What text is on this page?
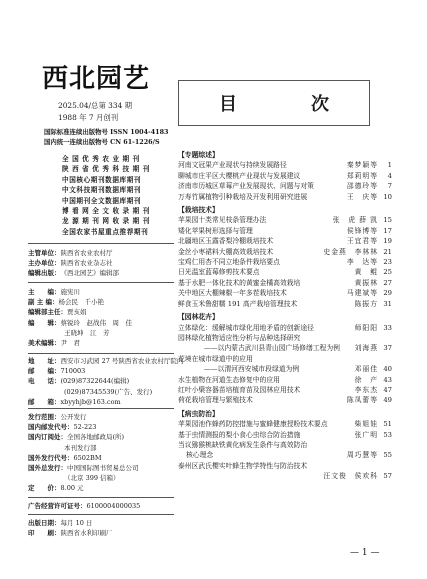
西北园艺
2025.04/总第 334 期
1988 年 7 月创刊
国际标准连续出版物号 ISSN 1004-4183
国内统一连续出版物号 CN 61-1226/S
全 国 优 秀 农 业 期 刊
陕 西 省 优 秀 科 技 期 刊
中国核心期刊数据库期刊
中文科技期刊数据库期刊
中国期刊全文数据库期刊
博 看 网 全 文 收 录 期 刊
龙 源 期 刊 网 收 录 期 刊
全国农家书屋重点推荐期刊
主管单位： 陕西省农业农村厅
主办单位： 陕西省农业杂志社
编辑出版： 《西北园艺》编辑部
主　　编： 施宪川
副 主 编： 杨会民　千小艳
编辑部主任： 贾亥娟
编　　辑： 蔡锐玲　赵战伟　周　佳
王晓坤　江　芳
美术编辑： 尹　君
地　　址： 西安市习武园 27 号陕西省农业农村厅院内
邮　　编： 710003
电　　话： (029)87322644(编辑)
(029)87345539(广告、发行)
邮　　箱： xbyyhjb@163.com
发行范围： 公开发行
国内邮发代号： 52-223
国内订阅处： 全国各地邮政局(所)
本刊发行部
国外发行代号： 6502BM
国外总发行： 中国国际图书贸易总公司
（北京 399 信箱）
定　　价： 8.00 元
广告经营许可证号： 6100004000035
出版日期： 每月 10 日
印　　刷： 陕西省水利印刷厂
目　次
【专题综述】
河南文冠果产业现状与持续发展路径	秦梦颖等	1
聊城市庄平区大樱桃产业现状与发展建议	郑莉明等	4
济南市历城区草莓产业发展现状、问题与对策	邵德玲等	7
万寿竹属植物引种栽培及开发利用研究进展	王　庆等 10
【栽培技术】
苹果园十类常见枝条管理办法	张　虎 薛 凯 15
矮化苹果树形选择与管理	侯锋博等 17
北疆地区玉露香梨冷棚栽培技术	王宜君等 19
金丝小枣裙料大棚高效栽培技术	史金燕　李林林 21
宝鸡仁用杏不同立地条件栽培要点	李　达等 23
日光温室蓝莓修剪技术要点	黄　鲲 25
基于水肥一体化技术的黄蜜金橘高效栽培	黄振林 27
关中地区大棚辣椒一年多茬栽培技术	马建斌等 29
鲜食玉米鲁甜糯 191 高产栽培管理技术	陈振方 31
【园林花卉】
立体绿化：缓解城市绿化用地矛盾的创新途径	师阳阳 33
园林绿化植物适应性分析与品种选择研究
——以内蒙古武川县青山园广场修缮工程为例	刘海燕 37
花境在城市绿道中的应用
——以渭河西安城市段绿道为例	邓丽佳 40
水生植物在河道生态修复中的应用	徐　产 43
红叶小檗容器苗培植育苗及园林应用技术	李东杰 47
荷花栽培管理与繁殖技术	陈凤蕾等 49
【病虫防治】
苹果园池作蜂药防控措施与蜜蜂健康授粉技术要点	柴姐娃 51
基于虫情测报的梨小食心虫综合防治措施	张广明 53
当议猕猴桃缺铁黄化病发生条件与高效防治
核心理念	周巧慧等 55
泰州区武氏樱实叶蜂生物学特性与防治技术
汪文俊　侯欢科 57
— 1 —
